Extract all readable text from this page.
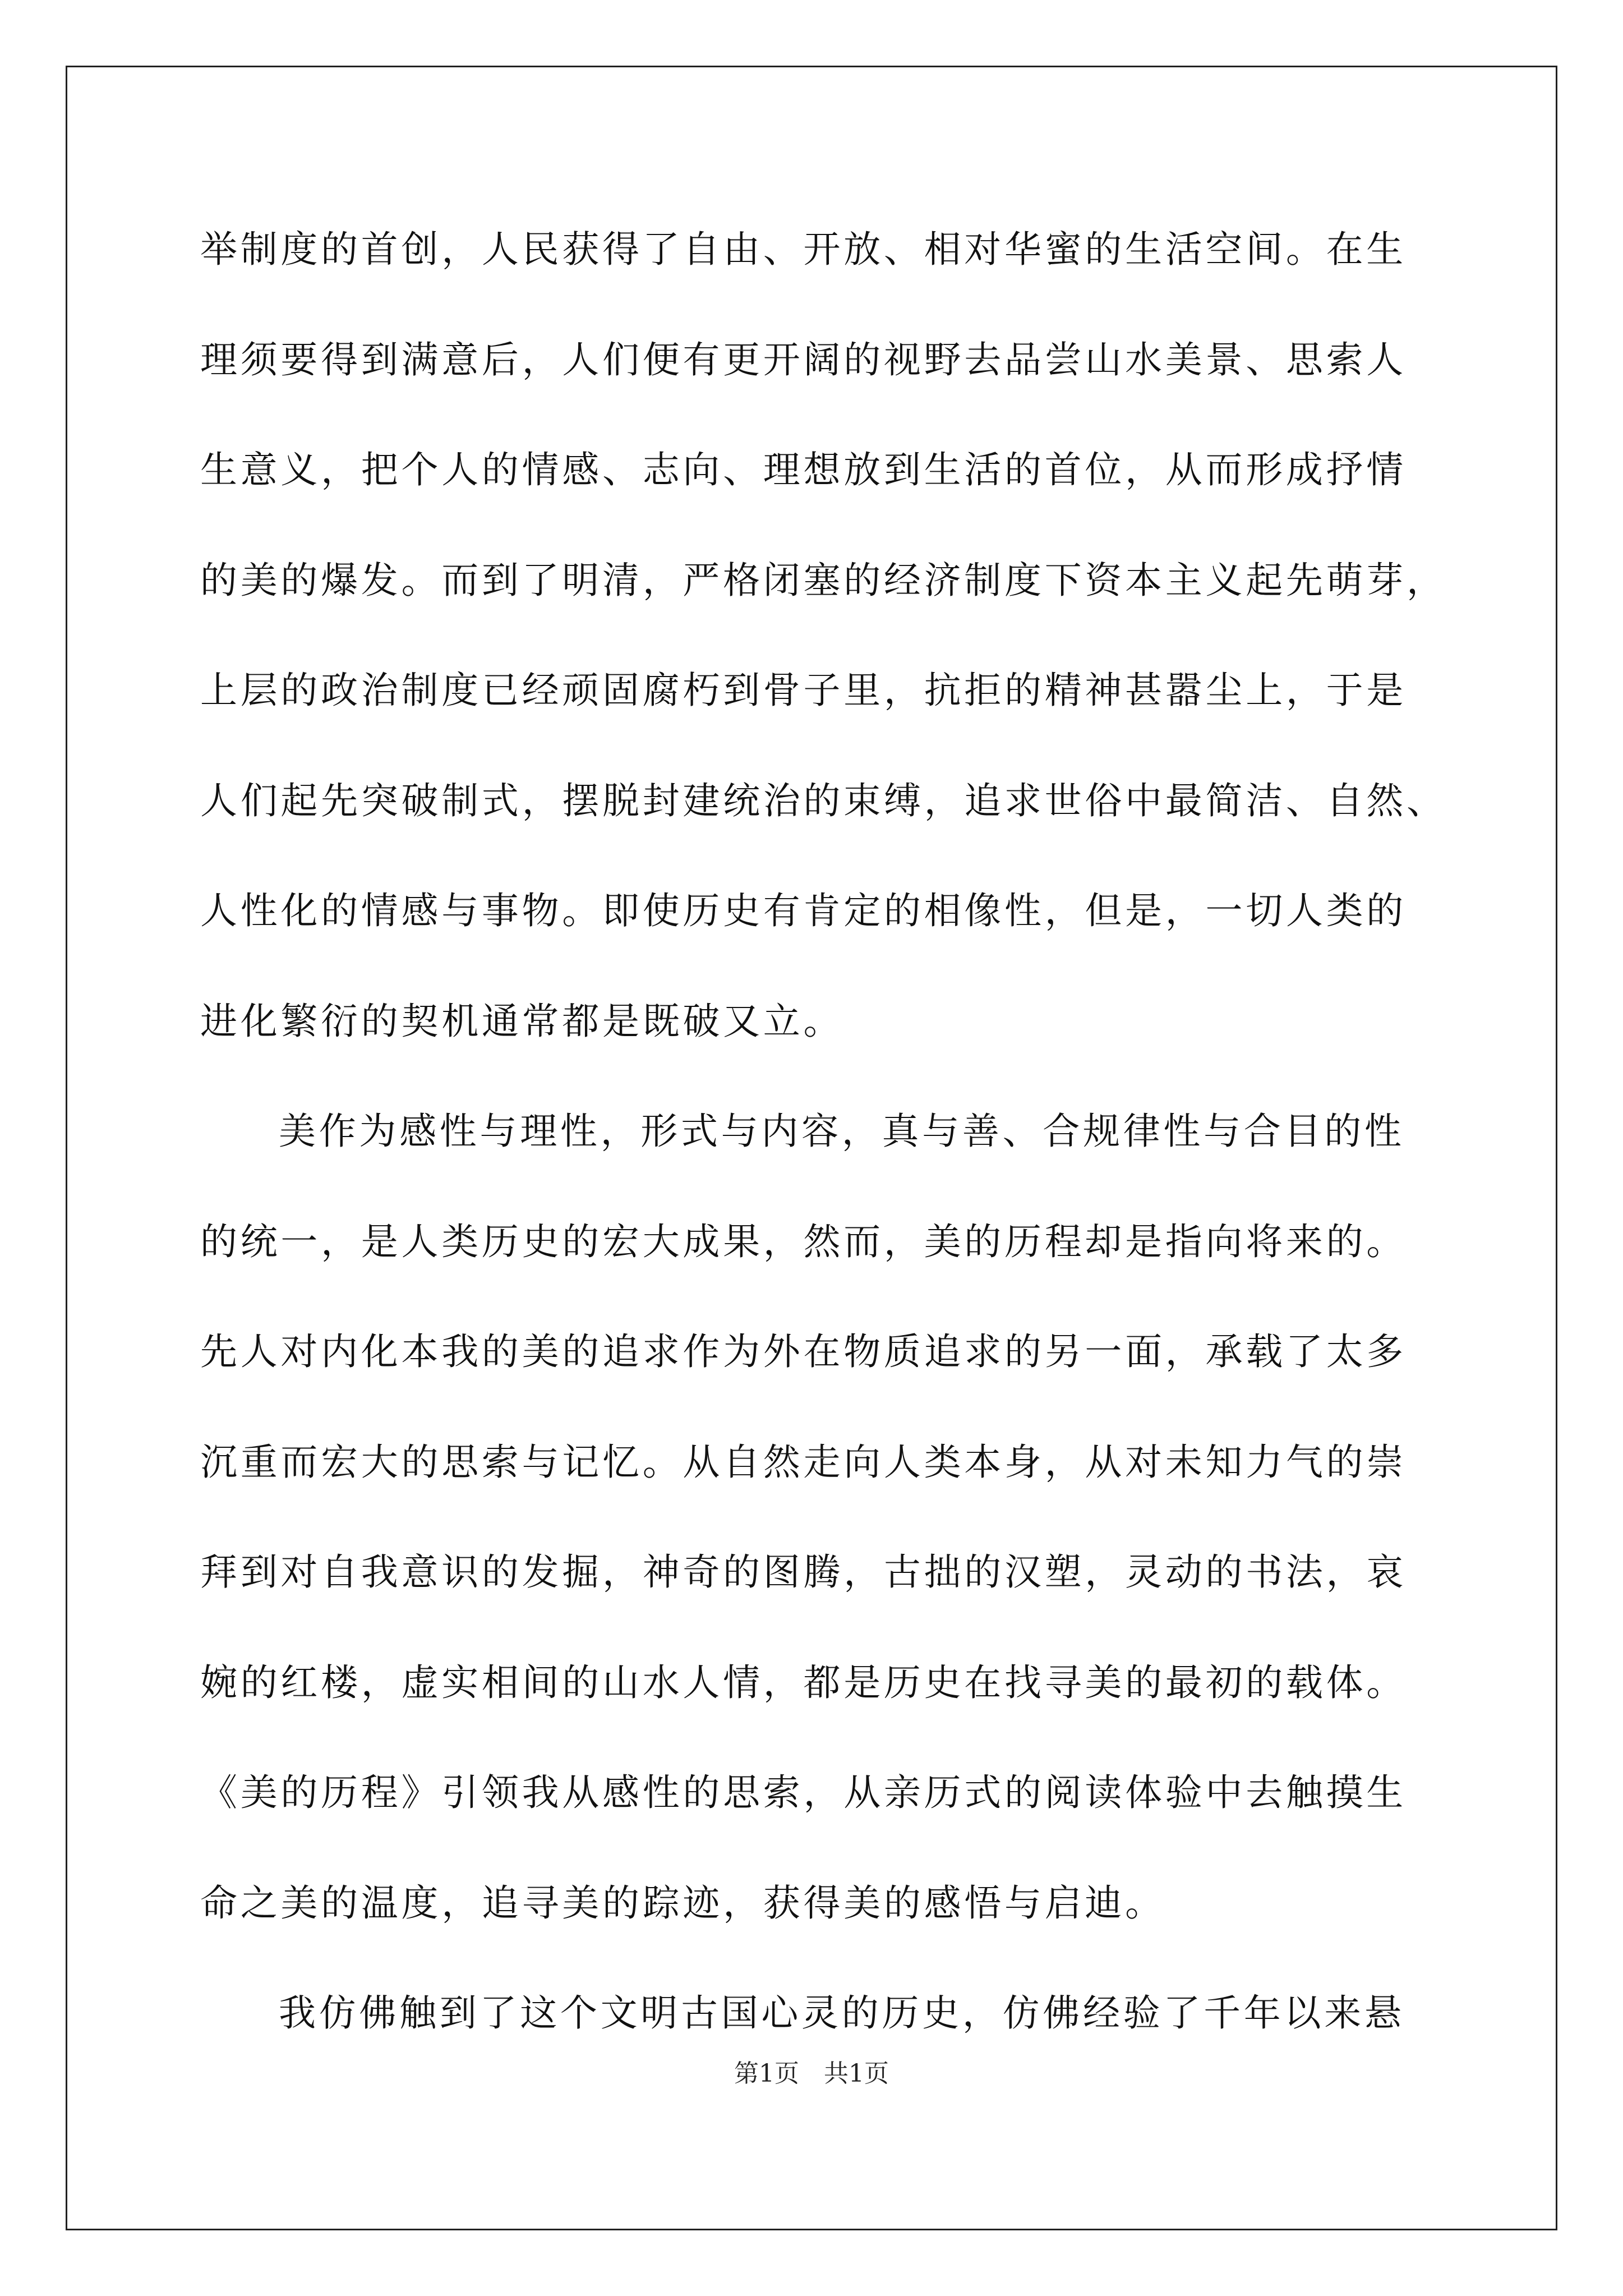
举制度的首创，人民获得了自由、开放、相对华蜜的生活空间。在生
理须要得到满意后，人们便有更开阔的视野去品尝山水美景、思索人
生意义，把个人的情感、志向、理想放到生活的首位，从而形成抒情
的美的爆发。而到了明清，严格闭塞的经济制度下资本主义起先萌芽，
上层的政治制度已经顽固腐朽到骨子里，抗拒的精神甚嚣尘上，于是
人们起先突破制式，摆脱封建统治的束缚，追求世俗中最简洁、自然、
人性化的情感与事物。即使历史有肯定的相像性，但是，一切人类的
进化繁衍的契机通常都是既破又立。
美作为感性与理性，形式与内容，真与善、合规律性与合目的性
的统一，是人类历史的宏大成果，然而，美的历程却是指向将来的。
先人对内化本我的美的追求作为外在物质追求的另一面，承载了太多
沉重而宏大的思索与记忆。从自然走向人类本身，从对未知力气的崇
拜到对自我意识的发掘，神奇的图腾，古拙的汉塑，灵动的书法，哀
婉的红楼，虚实相间的山水人情，都是历史在找寻美的最初的载体。
《美的历程》引领我从感性的思索，从亲历式的阅读体验中去触摸生
命之美的温度，追寻美的踪迹，获得美的感悟与启迪。
我仿佛触到了这个文明古国心灵的历史，仿佛经验了千年以来悬
第1页　共1页
